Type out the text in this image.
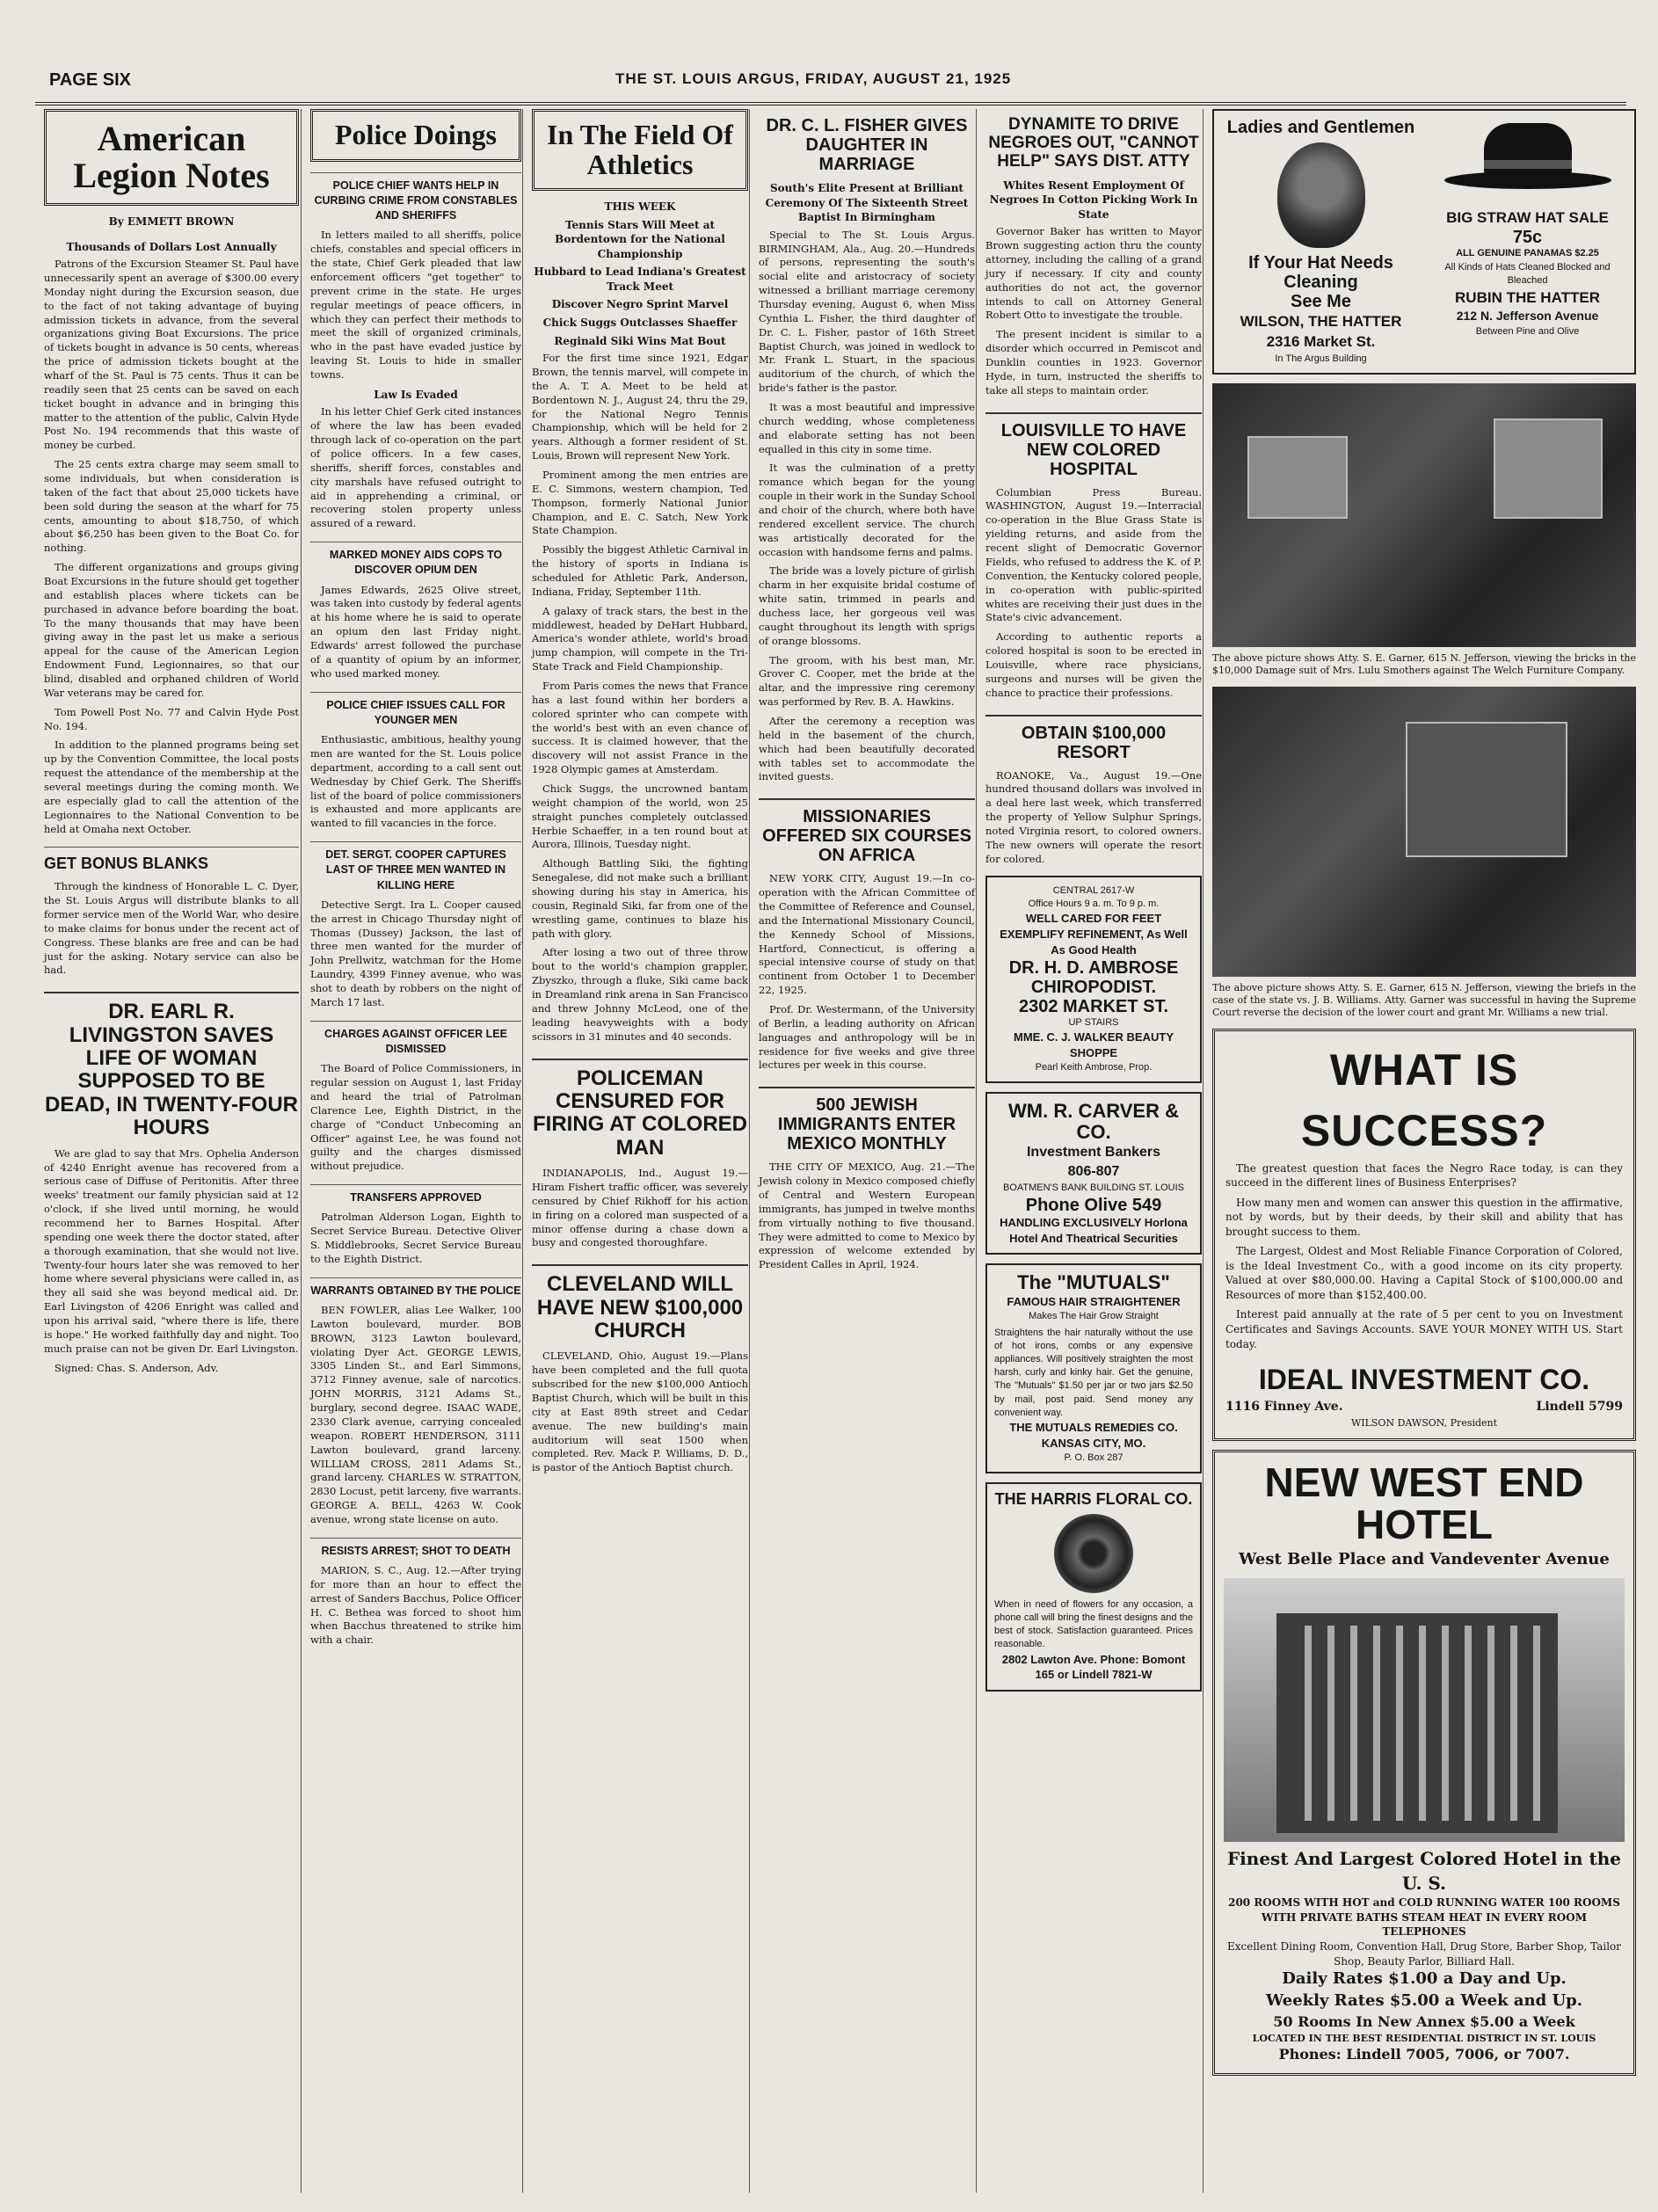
PAGE SIX	THE ST. LOUIS ARGUS, FRIDAY, AUGUST 21, 1925
American Legion Notes
By EMMETT BROWN
Thousands of Dollars Lost Annually

Patrons of the Excursion Steamer St. Paul have unnecessarily spent an average of $300.00 every Monday night during the Excursion season, due to the fact of not taking advantage of buying admission tickets in advance, from the several organizations giving Boat Excursions. The price of tickets bought in advance is 50 cents, whereas the price of admission tickets bought at the wharf of the St. Paul is 75 cents. Thus it can be readily seen that 25 cents can be saved on each ticket bought in advance and in bringing this matter to the attention of the public, Calvin Hyde Post No. 194 recommends that this waste of money be curbed.

The 25 cents extra charge may seem small to some individuals, but when consideration is taken of the fact that about 25,000 tickets have been sold during the season at the wharf for 75 cents, amounting to about $18,750, of which about $6,250 has been given to the Boat Co. for nothing.

The different organizations and groups giving Boat Excursions in the future should get together and establish places where tickets can be purchased in advance before boarding the boat. To the many thousands that may have been giving away in the past let us make a serious appeal for the cause of the American Legion Endowment Fund, Legionnaires, so that our blind, disabled and orphaned children of World War veterans may be cared for.

Tom Powell Post No. 77 and Calvin Hyde Post No. 194.

In addition to the planned programs being set up by the Convention Committee, the local posts request the attendance of the membership at the several meetings during the coming month. We are especially glad to call the attention of the Legionnaires to the National Convention to be held at Omaha next October.

GET BONUS BLANKS

Through the kindness of Honorable L. C. Dyer, the St. Louis Argus will distribute blanks to all former service men of the World War, who desire to make claims for bonus under the recent act of Congress. These blanks are free and can be had just for the asking. Notary service can also be had.

DR. EARL R. LIVINGSTON SAVES LIFE OF WOMAN SUPPOSED TO BE DEAD, IN TWENTY-FOUR HOURS

We are glad to say that Mrs. Ophelia Anderson of 4240 Enright avenue has recovered from a serious case of Diffuse of Peritonitis. After three weeks' treatment our family physician said at 12 o'clock, if she lived until morning, he would recommend her to Barnes Hospital. After spending one week there the doctor stated, after a thorough examination, that she would not live. Twenty-four hours later she was removed to her home where several physicians were called in, as they all said she was beyond medical aid. Dr. Earl Livingston of 4206 Enright was called and upon his arrival said, "where there is life, there is hope." He worked faithfully day and night. Too much praise can not be given Dr. Earl Livingston.

Signed: Chas. S. Anderson, Adv.

Police Doings
POLICE CHIEF WANTS HELP IN CURBING CRIME FROM CONSTABLES AND SHERIFFS

In letters mailed to all sheriffs, police chiefs, constables and special officers in the state, Chief Gerk pleaded that law enforcement officers "get together" to prevent crime in the state. He urges regular meetings of peace officers, in which they can perfect their methods to meet the skill of organized criminals, who in the past have evaded justice by leaving St. Louis to hide in smaller towns.

Law Is Evaded

In his letter Chief Gerk cited instances of where the law has been evaded through lack of co-operation on the part of police officers. In a few cases, sheriffs, sheriff forces, constables and city marshals have refused outright to aid in apprehending a criminal, or recovering stolen property unless assured of a reward.

MARKED MONEY AIDS COPS TO DISCOVER OPIUM DEN

James Edwards, 2625 Olive street, was taken into custody by federal agents at his home where he is said to operate an opium den last Friday night. Edwards' arrest followed the purchase of a quantity of opium by an informer, who used marked money.

POLICE CHIEF ISSUES CALL FOR YOUNGER MEN

Enthusiastic, ambitious, healthy young men are wanted for the St. Louis police department, according to a call sent out Wednesday by Chief Gerk. The Sheriffs list of the board of police commissioners is exhausted and more applicants are wanted to fill vacancies in the force.

DET. SERGT. COOPER CAPTURES LAST OF THREE MEN WANTED IN KILLING HERE

Detective Sergt. Ira L. Cooper caused the arrest in Chicago Thursday night of Thomas (Dussey) Jackson, the last of three men wanted for the murder of John Prellwitz, watchman for the Home Laundry, 4399 Finney avenue, who was shot to death by robbers on the night of March 17 last.

CHARGES AGAINST OFFICER LEE DISMISSED

The Board of Police Commissioners, in regular session on August 1, last Friday and heard the trial of Patrolman Clarence Lee, Eighth District, in the charge of "Conduct Unbecoming an Officer" against Lee, he was found not guilty and the charges dismissed without prejudice.

TRANSFERS APPROVED

Patrolman Alderson Logan, Eighth to Secret Service Bureau. Detective Oliver S. Middlebrooks, Secret Service Bureau to the Eighth District.

WARRANTS OBTAINED BY THE POLICE

BEN FOWLER, alias Lee Walker, 100 Lawton boulevard, murder. BOB BROWN, 3123 Lawton boulevard, violating Dyer Act. GEORGE LEWIS, 3305 Linden St., and Earl Simmons, 3712 Finney avenue, sale of narcotics. JOHN MORRIS, 3121 Adams St., burglary, second degree. ISAAC WADE, 2330 Clark avenue, carrying concealed weapon. ROBERT HENDERSON, 3111 Lawton boulevard, grand larceny. WILLIAM CROSS, 2811 Adams St., grand larceny. CHARLES W. STRATTON, 2830 Locust, petit larceny, five warrants. GEORGE A. BELL, 4263 W. Cook avenue, wrong state license on auto.

RESISTS ARREST; SHOT TO DEATH

MARION, S. C., Aug. 12.—After trying for more than an hour to effect the arrest of Sanders Bacchus, Police Officer H. C. Bethea was forced to shoot him when Bacchus threatened to strike him with a chair.

In The Field Of Athletics
THIS WEEK
Tennis Stars Will Meet at Bordentown for the National Championship
Hubbard to Lead Indiana's Greatest Track Meet
Discover Negro Sprint Marvel
Chick Suggs Outclasses Shaeffer
Reginald Siki Wins Mat Bout

For the first time since 1921, Edgar Brown, the tennis marvel, will compete in the A. T. A. Meet to be held at Bordentown N. J., August 24, thru the 29, for the National Negro Tennis Championship, which will be held for 2 years. Although a former resident of St. Louis, Brown will represent New York.

Prominent among the men entries are E. C. Simmons, western champion, Ted Thompson, formerly National Junior Champion, and E. C. Satch, New York State Champion.

Possibly the biggest Athletic Carnival in the history of sports in Indiana is scheduled for Athletic Park, Anderson, Indiana, Friday, September 11th.

A galaxy of track stars, the best in the middlewest, headed by DeHart Hubbard, America's wonder athlete, world's broad jump champion, will compete in the Tri-State Track and Field Championship.

From Paris comes the news that France has a last found within her borders a colored sprinter who can compete with the world's best with an even chance of success. It is claimed however, that the discovery will not assist France in the 1928 Olympic games at Amsterdam.

Chick Suggs, the uncrowned bantam weight champion of the world, won 25 straight punches completely outclassed Herbie Schaeffer, in a ten round bout at Aurora, Illinois, Tuesday night.

Although Battling Siki, the fighting Senegalese, did not make such a brilliant showing during his stay in America, his cousin, Reginald Siki, far from one of the wrestling game, continues to blaze his path with glory.

After losing a two out of three throw bout to the world's champion grappler, Zbyszko, through a fluke, Siki came back in Dreamland rink arena in San Francisco and threw Johnny McLeod, one of the leading heavyweights with a body scissors in 31 minutes and 40 seconds.

POLICEMAN CENSURED FOR FIRING AT COLORED MAN

INDIANAPOLIS, Ind., August 19.—Hiram Fishert traffic officer, was severely censured by Chief Rikhoff for his action in firing on a colored man suspected of a minor offense during a chase down a busy and congested thoroughfare.

CLEVELAND WILL HAVE NEW $100,000 CHURCH

CLEVELAND, Ohio, August 19.—Plans have been completed and the full quota subscribed for the new $100,000 Antioch Baptist Church, which will be built in this city at East 89th street and Cedar avenue. The new building's main auditorium will seat 1500 when completed. Rev. Mack P. Williams, D. D., is pastor of the Antioch Baptist church.

DR. C. L. FISHER GIVES DAUGHTER IN MARRIAGE
South's Elite Present at Brilliant Ceremony Of The Sixteenth Street Baptist In Birmingham

Special to The St. Louis Argus. BIRMINGHAM, Ala., Aug. 20.—Hundreds of persons, representing the south's social elite and aristocracy of society witnessed a brilliant marriage ceremony Thursday evening, August 6, when Miss Cynthia L. Fisher, the third daughter of Dr. C. L. Fisher, pastor of 16th Street Baptist Church, was joined in wedlock to Mr. Frank L. Stuart, in the spacious auditorium of the church, of which the bride's father is the pastor.

It was a most beautiful and impressive church wedding, whose completeness and elaborate setting has not been equalled in this city in some time.

It was the culmination of a pretty romance which began for the young couple in their work in the Sunday School and choir of the church, where both have rendered excellent service. The church was artistically decorated for the occasion with handsome ferns and palms.

The bride was a lovely picture of girlish charm in her exquisite bridal costume of white satin, trimmed in pearls and duchess lace, her gorgeous veil was caught throughout its length with sprigs of orange blossoms.

The groom, with his best man, Mr. Grover C. Cooper, met the bride at the altar, and the impressive ring ceremony was performed by Rev. B. A. Hawkins.

After the ceremony a reception was held in the basement of the church, which had been beautifully decorated with tables set to accommodate the invited guests.

MISSIONARIES OFFERED SIX COURSES ON AFRICA

NEW YORK CITY, August 19.—In co-operation with the African Committee of the Committee of Reference and Counsel, and the International Missionary Council, the Kennedy School of Missions, Hartford, Connecticut, is offering a special intensive course of study on that continent from October 1 to December 22, 1925.

Prof. Dr. Westermann, of the University of Berlin, a leading authority on African languages and anthropology will be in residence for five weeks and give three lectures per week in this course.

500 JEWISH IMMIGRANTS ENTER MEXICO MONTHLY

THE CITY OF MEXICO, Aug. 21.—The Jewish colony in Mexico composed chiefly of Central and Western European immigrants, has jumped in twelve months from virtually nothing to five thousand. They were admitted to come to Mexico by expression of welcome extended by President Calles in April, 1924.

DYNAMITE TO DRIVE NEGROES OUT, "CANNOT HELP" SAYS DIST. ATTY
Whites Resent Employment Of Negroes In Cotton Picking Work In State

Governor Baker has written to Mayor Brown suggesting action thru the county attorney, including the calling of a grand jury if necessary. If city and county authorities do not act, the governor intends to call on Attorney General Robert Otto to investigate the trouble.

The present incident is similar to a disorder which occurred in Pemiscot and Dunklin counties in 1923. Governor Hyde, in turn, instructed the sheriffs to take all steps to maintain order.

LOUISVILLE TO HAVE NEW COLORED HOSPITAL

Columbian Press Bureau. WASHINGTON, August 19.—Interracial co-operation in the Blue Grass State is yielding returns, and aside from the recent slight of Democratic Governor Fields, who refused to address the K. of P. Convention, the Kentucky colored people, in co-operation with public-spirited whites are receiving their just dues in the State's civic advancement.

According to authentic reports a colored hospital is soon to be erected in Louisville, where race physicians, surgeons and nurses will be given the chance to practice their professions.

OBTAIN $100,000 RESORT

ROANOKE, Va., August 19.—One hundred thousand dollars was involved in a deal here last week, which transferred the property of Yellow Sulphur Springs, noted Virginia resort, to colored owners. The new owners will operate the resort for colored.

CENTRAL 2617-W
Office Hours 9 a. m. To 9 p. m.
WELL CARED FOR FEET EXEMPLIFY REFINEMENT, As Well As Good Health
DR. H. D. AMBROSE CHIROPODIST.
2302 MARKET ST.
UP STAIRS
MME. C. J. WALKER BEAUTY SHOPPE
Pearl Keith Ambrose, Prop.
WM. R. CARVER & CO.
Investment Bankers
806-807
BOATMEN'S BANK BUILDING ST. LOUIS
Phone Olive 549
HANDLING EXCLUSIVELY Horlona Hotel And Theatrical Securities
The "MUTUALS"
FAMOUS HAIR STRAIGHTENER
Makes The Hair Grow Straight
Straightens the hair naturally without the use of hot irons, combs or any expensive appliances. Will positively straighten the most harsh, curly and kinky hair. Get the genuine, The "Mutuals" $1.50 per jar or two jars $2.50 by mail, post paid. Send money any convenient way.
THE MUTUALS REMEDIES CO. KANSAS CITY, MO.
P. O. Box 287
THE HARRIS FLORAL CO.
When in need of flowers for any occasion, a phone call will bring the finest designs and the best of stock. Satisfaction guaranteed. Prices reasonable.
2802 Lawton Ave. Phone: Bomont 165 or Lindell 7821-W
Ladies and Gentlemen
If Your Hat Needs Cleaning
See Me
WILSON, THE HATTER
2316 Market St.
In The Argus Building
BIG STRAW HAT SALE
75c
ALL GENUINE PANAMAS $2.25
All Kinds of Hats Cleaned Blocked and Bleached
RUBIN THE HATTER
212 N. Jefferson Avenue
Between Pine and Olive
The above picture shows Atty. S. E. Garner, 615 N. Jefferson, viewing the bricks in the $10,000 Damage suit of Mrs. Lulu Smothers against The Welch Furniture Company.
The above picture shows Atty. S. E. Garner, 615 N. Jefferson, viewing the briefs in the case of the state vs. J. B. Williams. Atty. Garner was successful in having the Supreme Court reverse the decision of the lower court and grant Mr. Williams a new trial.
WHAT IS SUCCESS?

The greatest question that faces the Negro Race today, is can they succeed in the different lines of Business Enterprises?

How many men and women can answer this question in the affirmative, not by words, but by their deeds, by their skill and ability that has brought success to them.

The Largest, Oldest and Most Reliable Finance Corporation of Colored, is the Ideal Investment Co., with a good income on its city property. Valued at over $80,000.00. Having a Capital Stock of $100,000.00 and Resources of more than $152,400.00.

Interest paid annually at the rate of 5 per cent to you on Investment Certificates and Savings Accounts. SAVE YOUR MONEY WITH US. Start today.

IDEAL INVESTMENT CO.
1116 Finney Ave.	Lindell 5799
WILSON DAWSON, President
NEW WEST END HOTEL
West Belle Place and Vandeventer Avenue
Finest And Largest Colored Hotel in the U. S.
200 ROOMS WITH HOT and COLD RUNNING WATER 100 ROOMS WITH PRIVATE BATHS STEAM HEAT IN EVERY ROOM TELEPHONES
Excellent Dining Room, Convention Hall, Drug Store, Barber Shop, Tailor Shop, Beauty Parlor, Billiard Hall.
Daily Rates $1.00 a Day and Up.
Weekly Rates $5.00 a Week and Up.
50 Rooms In New Annex $5.00 a Week
LOCATED IN THE BEST RESIDENTIAL DISTRICT IN ST. LOUIS
Phones: Lindell 7005, 7006, or 7007.
